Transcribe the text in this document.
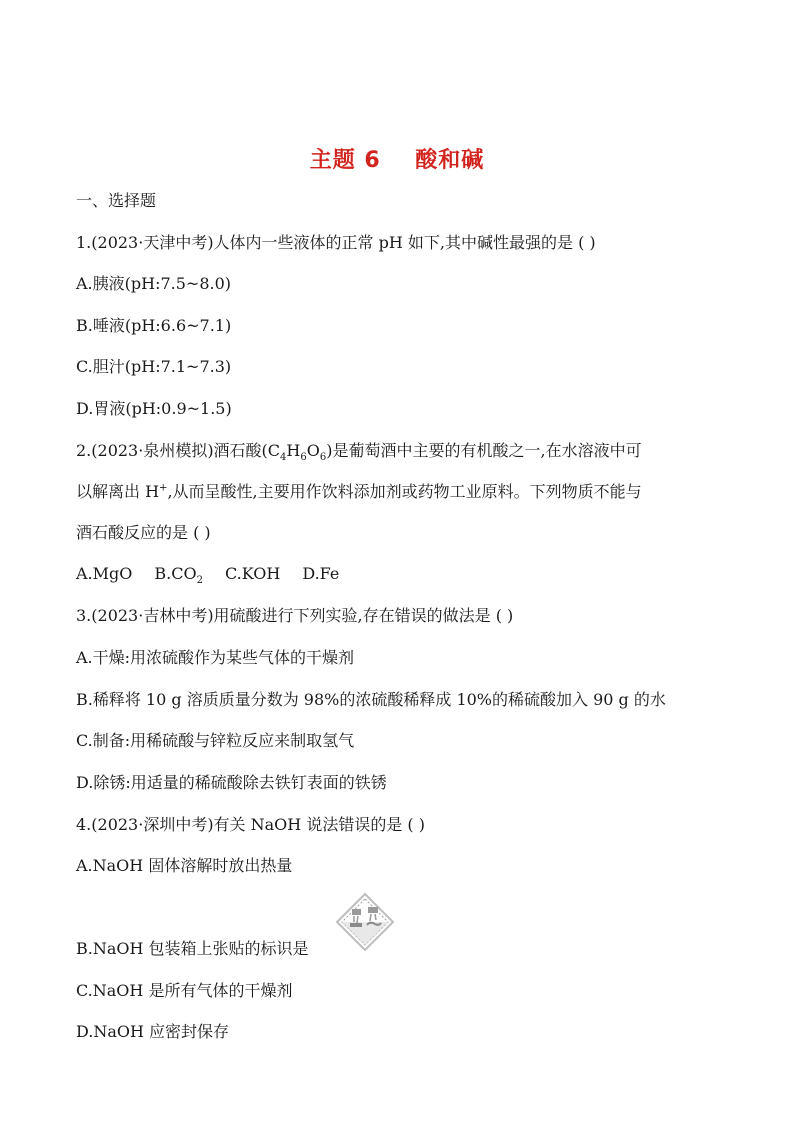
主题 6    酸和碱
一、选择题
1.(2023·天津中考)人体内一些液体的正常 pH 如下,其中碱性最强的是 ( )
A.胰液(pH:7.5~8.0)
B.唾液(pH:6.6~7.1)
C.胆汁(pH:7.1~7.3)
D.胃液(pH:0.9~1.5)
2.(2023·泉州模拟)酒石酸$(C_4H_6O_6)$是葡萄酒中主要的有机酸之一,在水溶液中可
以解离出 H+,从而呈酸性,主要用作饮料添加剂或药物工业原料。下列物质不能与
酒石酸反应的是 ( )
A.MgO $B.CO_2$ C.KOH D.Fe
3.(2023·吉林中考)用硫酸进行下列实验,存在错误的做法是 ( )
A.干燥:用浓硫酸作为某些气体的干燥剂
B.稀释将 10 g 溶质质量分数为 98%的浓硫酸稀释成 10%的稀硫酸加入 90 g 的水
C.制备:用稀硫酸与锌粒反应来制取氢气
D.除锈:用适量的稀硫酸除去铁钉表面的铁锈
4.(2023·深圳中考)有关 NaOH 说法错误的是 ( )
A.NaOH 固体溶解时放出热量
B.NaOH 包装箱上张贴的标识是
C.NaOH 是所有气体的干燥剂
D.NaOH 应密封保存
